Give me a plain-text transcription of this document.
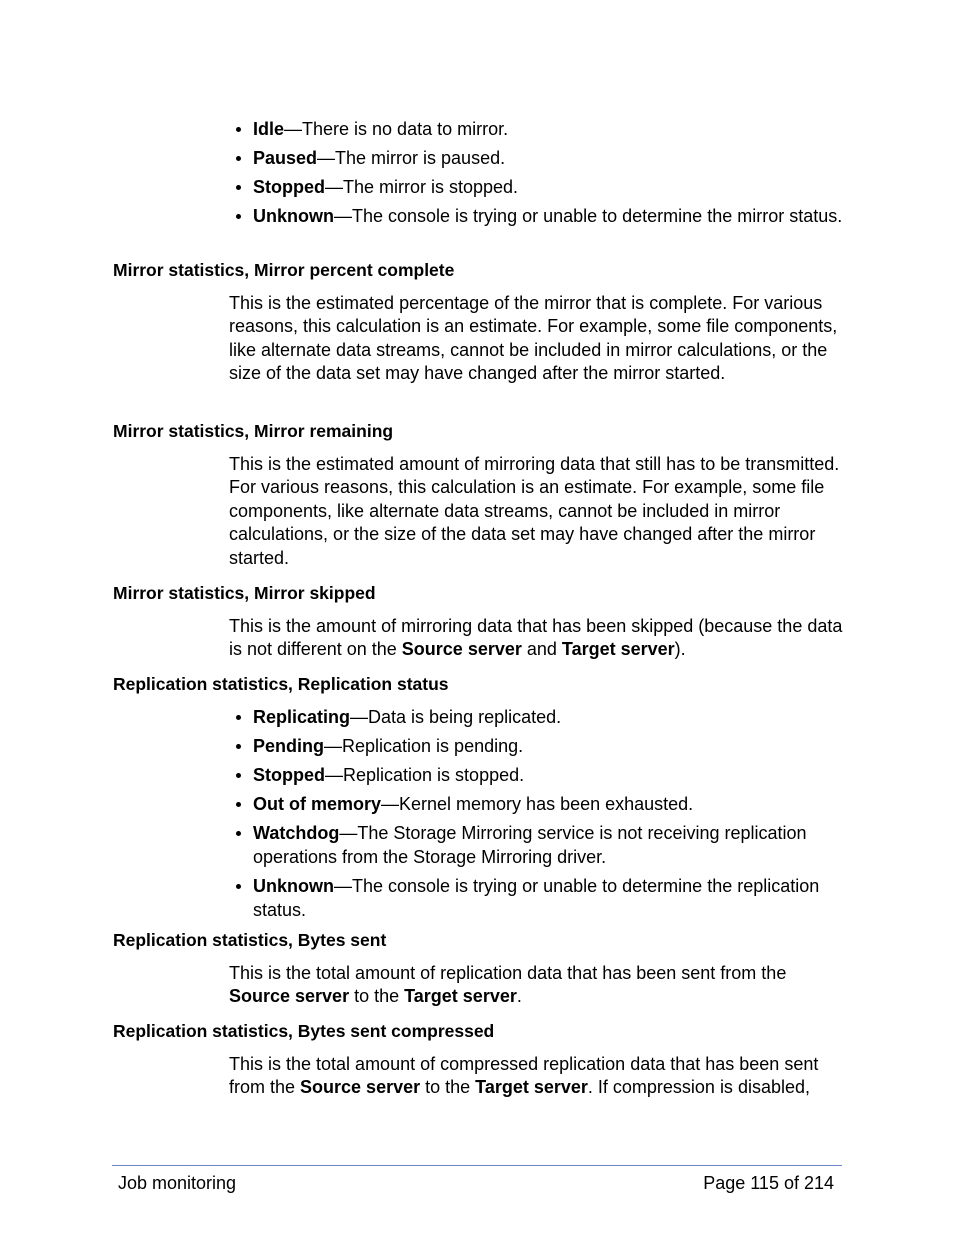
Idle—There is no data to mirror.
Paused—The mirror is paused.
Stopped—The mirror is stopped.
Unknown—The console is trying or unable to determine the mirror status.
Mirror statistics, Mirror percent complete
This is the estimated percentage of the mirror that is complete. For various reasons, this calculation is an estimate. For example, some file components, like alternate data streams, cannot be included in mirror calculations, or the size of the data set may have changed after the mirror started.
Mirror statistics, Mirror remaining
This is the estimated amount of mirroring data that still has to be transmitted. For various reasons, this calculation is an estimate. For example, some file components, like alternate data streams, cannot be included in mirror calculations, or the size of the data set may have changed after the mirror started.
Mirror statistics, Mirror skipped
This is the amount of mirroring data that has been skipped (because the data is not different on the Source server and Target server).
Replication statistics, Replication status
Replicating—Data is being replicated.
Pending—Replication is pending.
Stopped—Replication is stopped.
Out of memory—Kernel memory has been exhausted.
Watchdog—The Storage Mirroring service is not receiving replication operations from the Storage Mirroring driver.
Unknown—The console is trying or unable to determine the replication status.
Replication statistics, Bytes sent
This is the total amount of replication data that has been sent from the Source server to the Target server.
Replication statistics, Bytes sent compressed
This is the total amount of compressed replication data that has been sent from the Source server to the Target server. If compression is disabled,
Job monitoring	Page 115 of 214
